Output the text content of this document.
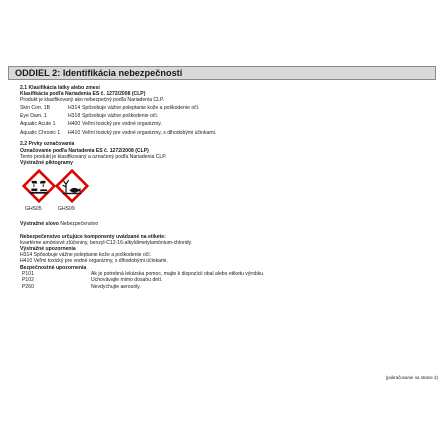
ODDIEL 2: Identifikácia nebezpečnosti
2.1 Klasifikácia látky alebo zmesi
Klasifikácia podľa Nariadenia ES č. 1272/2008 (CLP)
Produkt je klasifikovaný ako nebezpečný podľa Nariadenia CLP.
Skin Corr. 1B	H314 Spôsobuje vážne poleptanie kože a poškodenie očí.
Eye Dam. 1	H318 Spôsobuje vážne poškodenie očí.
Aquatic Acute 1 H400 Veľmi toxický pre vodné organizmy.
Aquatic Chronic 1 H410 Veľmi toxický pre vodné organizmy, s dlhodobými účinkami.
2.2 Prvky označovania
Označovanie podľa Nariadenia ES č. 1272/2008 (CLP)
Tento produkt je klasifikovaný a označený podľa Nariadenia CLP.
Výstražné piktogramy
GHS05	GHS09
Výstražné slovo Nebezpečenstvo
Nebezpečenstvo určujúce komponenty uvádzané na etikete:
kvartérne amóniové zlúčeniny, benzyl-C12-16-alkyldimetylamónium-chloridy
Výstražné upozornenia
H314 Spôsobuje vážne poleptanie kože a poškodenie očí.
H410 Veľmi toxický pre vodné organizmy, s dlhodobými účinkami.
Bezpečnostné upozornenia
P101	Ak je potrebná lekárska pomoc, majte k dispozícii obal alebo etiketu výrobku.
P102	Uchovávajte mimo dosahu detí.
P260	Nevdychujte aerosóly.
(pokračovanie na strane 2)
